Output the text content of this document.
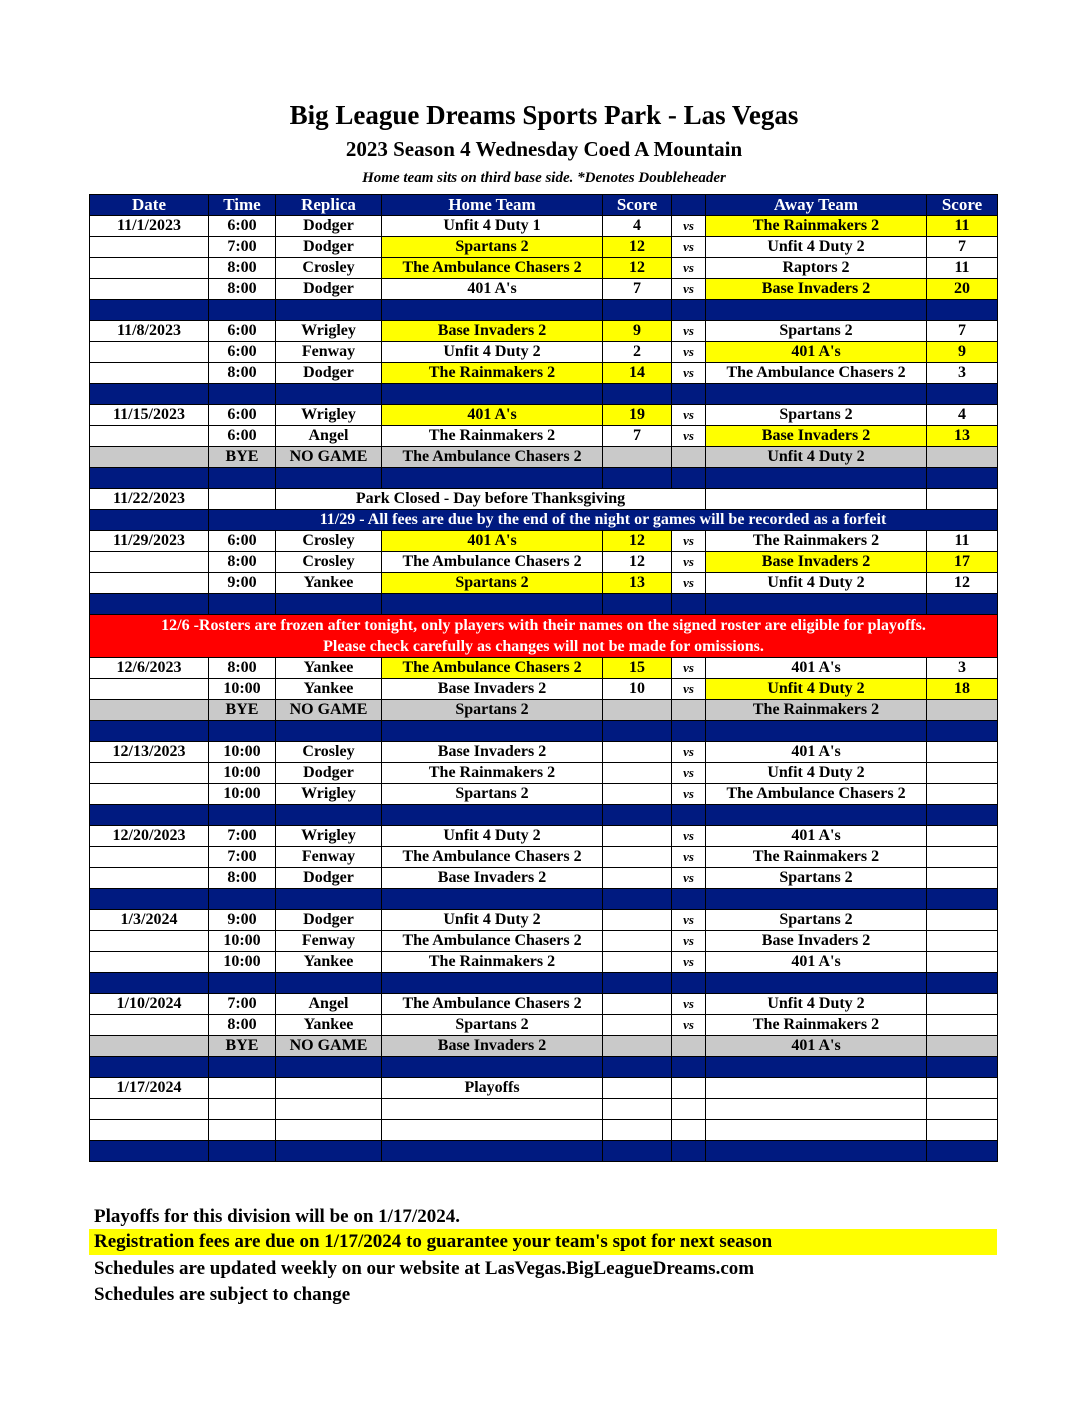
Big League Dreams Sports Park - Las Vegas
2023 Season 4 Wednesday Coed A Mountain
Home team sits on third base side. *Denotes Doubleheader
Date	Time	Replica	Home Team	Score		Away Team	Score
11/1/2023	6:00	Dodger	Unfit 4 Duty 1	4	vs	The Rainmakers 2	11
	7:00	Dodger	Spartans 2	12	vs	Unfit 4 Duty 2	7
	8:00	Crosley	The Ambulance Chasers 2	12	vs	Raptors 2	11
	8:00	Dodger	401 A's	7	vs	Base Invaders 2	20

11/8/2023	6:00	Wrigley	Base Invaders 2	9	vs	Spartans 2	7
	6:00	Fenway	Unfit 4 Duty 2	2	vs	401 A's	9
	8:00	Dodger	The Rainmakers 2	14	vs	The Ambulance Chasers 2	3

11/15/2023	6:00	Wrigley	401 A's	19	vs	Spartans 2	4
	6:00	Angel	The Rainmakers 2	7	vs	Base Invaders 2	13
	BYE	NO GAME	The Ambulance Chasers 2			Unfit 4 Duty 2	

11/22/2023		Park Closed - Day before Thanksgiving					
	11/29 - All fees are due by the end of the night or games will be recorded as a forfeit						
11/29/2023	6:00	Crosley	401 A's	12	vs	The Rainmakers 2	11
	8:00	Crosley	The Ambulance Chasers 2	12	vs	Base Invaders 2	17
	9:00	Yankee	Spartans 2	13	vs	Unfit 4 Duty 2	12

12/6 -Rosters are frozen after tonight, only players with their names on the signed roster are eligible for playoffs.
Please check carefully as changes will not be made for omissions.							

12/6/2023	8:00	Yankee	The Ambulance Chasers 2	15	vs	401 A's	3
	10:00	Yankee	Base Invaders 2	10	vs	Unfit 4 Duty 2	18
	BYE	NO GAME	Spartans 2			The Rainmakers 2	

12/13/2023	10:00	Crosley	Base Invaders 2		vs	401 A's	
	10:00	Dodger	The Rainmakers 2		vs	Unfit 4 Duty 2	
	10:00	Wrigley	Spartans 2		vs	The Ambulance Chasers 2	

12/20/2023	7:00	Wrigley	Unfit 4 Duty 2		vs	401 A's	
	7:00	Fenway	The Ambulance Chasers 2		vs	The Rainmakers 2	
	8:00	Dodger	Base Invaders 2		vs	Spartans 2	

1/3/2024	9:00	Dodger	Unfit 4 Duty 2		vs	Spartans 2	
	10:00	Fenway	The Ambulance Chasers 2		vs	Base Invaders 2	
	10:00	Yankee	The Rainmakers 2		vs	401 A's	

1/10/2024	7:00	Angel	The Ambulance Chasers 2		vs	Unfit 4 Duty 2	
	8:00	Yankee	Spartans 2		vs	The Rainmakers 2	
	BYE	NO GAME	Base Invaders 2			401 A's	

1/17/2024			Playoffs				

Playoffs for this division will be on 1/17/2024.
Registration fees are due on 1/17/2024 to guarantee your team's spot for next season
Schedules are updated weekly on our website at LasVegas.BigLeagueDreams.com
Schedules are subject to change
